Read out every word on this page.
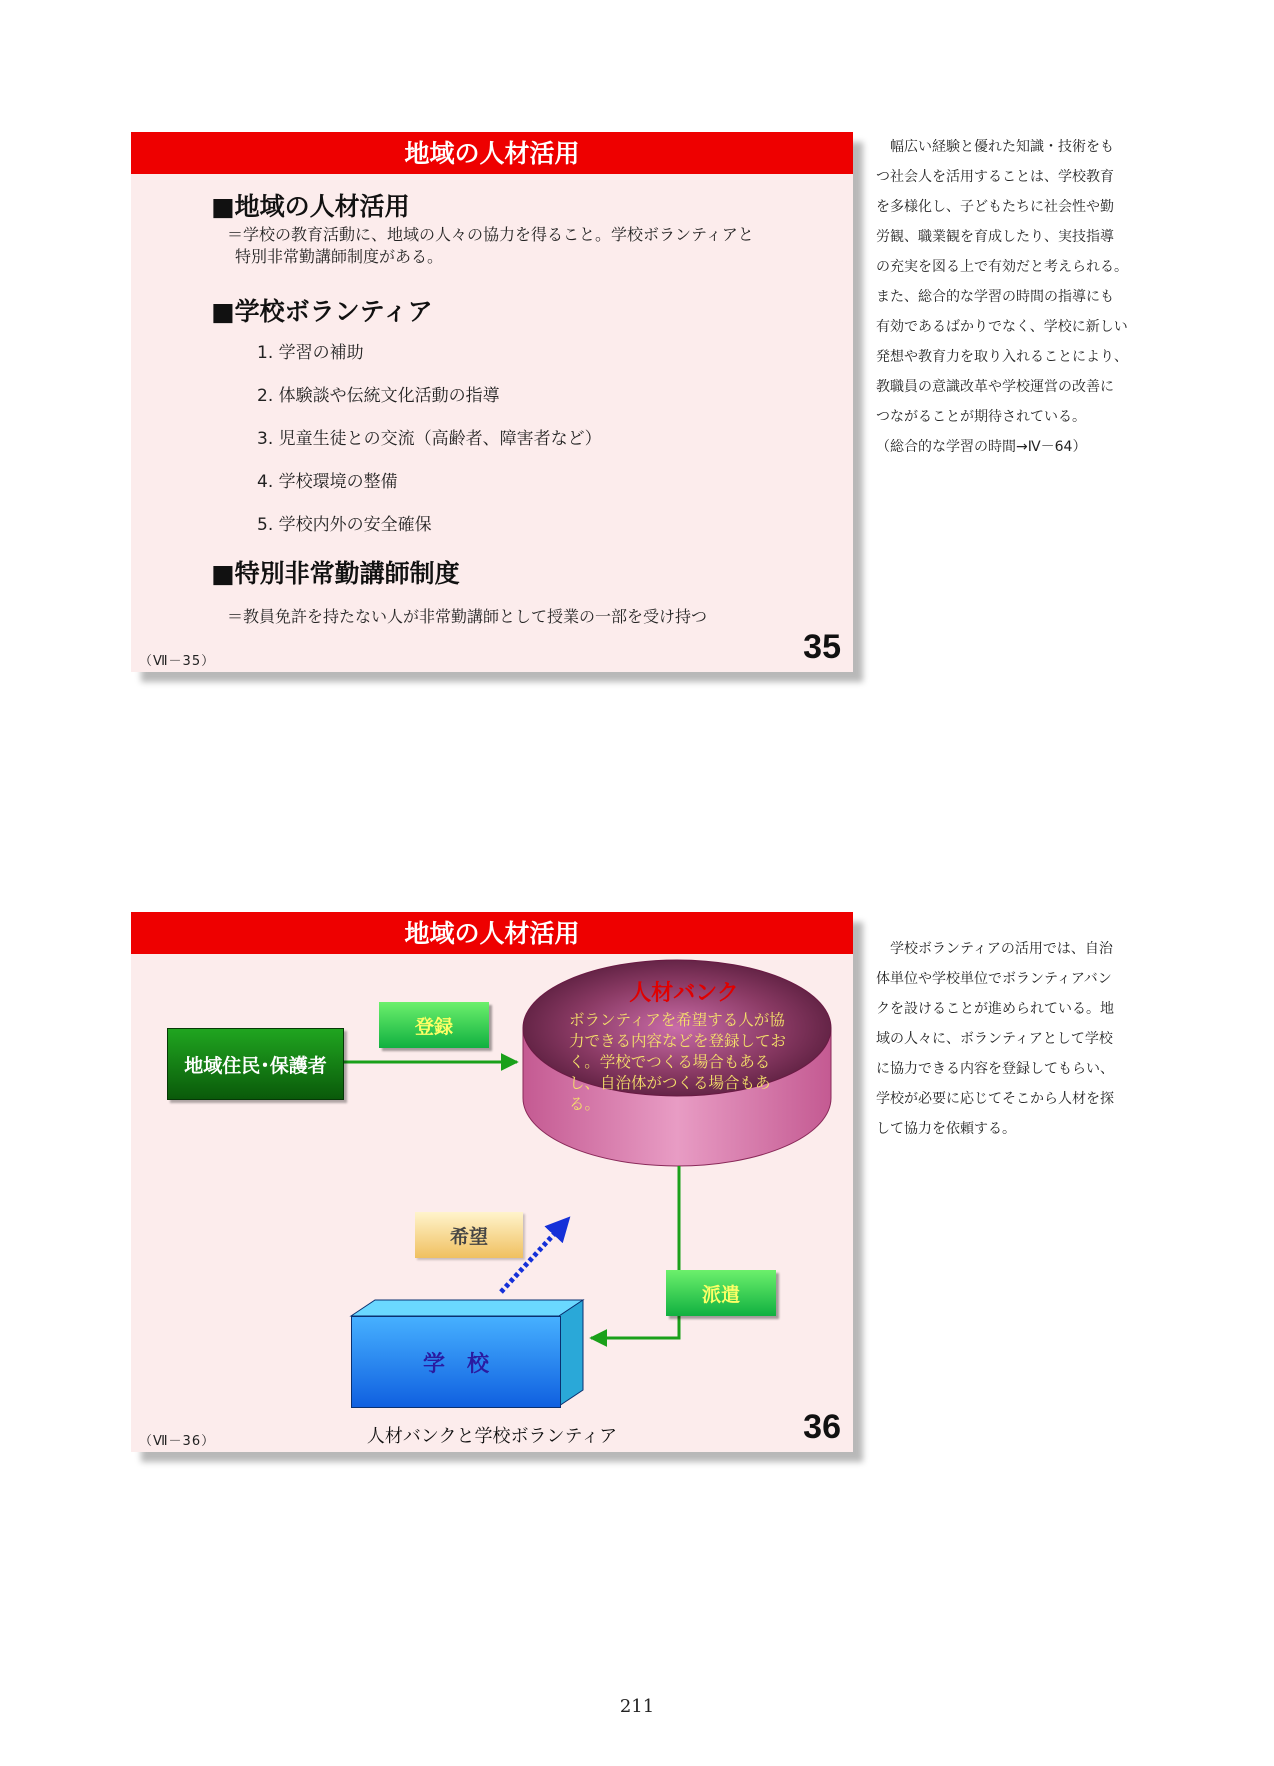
地域の人材活用
■地域の人材活用
＝学校の教育活動に、地域の人々の協力を得ること。学校ボランティアと
特別非常勤講師制度がある。
■学校ボランティア
1. 学習の補助
2. 体験談や伝統文化活動の指導
3. 児童生徒との交流（高齢者、障害者など）
4. 学校環境の整備
5. 学校内外の安全確保
■特別非常勤講師制度
＝教員免許を持たない人が非常勤講師として授業の一部を受け持つ
（Ⅶ－35）	35
　幅広い経験と優れた知識・技術をも
つ社会人を活用することは、学校教育
を多様化し、子どもたちに社会性や勤
労観、職業観を育成したり、実技指導
の充実を図る上で有効だと考えられる。
また、総合的な学習の時間の指導にも
有効であるばかりでなく、学校に新しい
発想や教育力を取り入れることにより、
教職員の意識改革や学校運営の改善に
つながることが期待されている。
（総合的な学習の時間→Ⅳ－64）
地域の人材活用
地域住民･保護者
登録
人材バンク
ボランティアを希望する人が協力できる内容などを登録しておく。学校でつくる場合もあるし、自治体がつくる場合もある。
希望
派遣
学校
（Ⅶ－36）	人材バンクと学校ボランティア	36
　学校ボランティアの活用では、自治
体単位や学校単位でボランティアバン
クを設けることが進められている。地
域の人々に、ボランティアとして学校
に協力できる内容を登録してもらい、
学校が必要に応じてそこから人材を探
して協力を依頼する。
211
